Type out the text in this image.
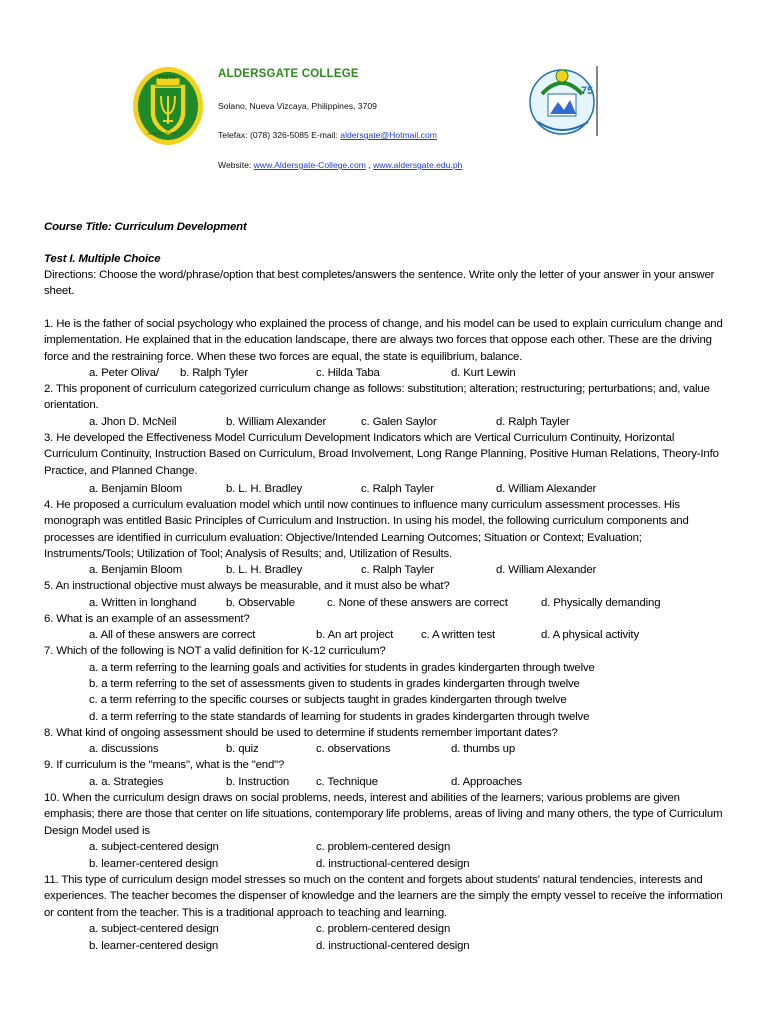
TROTH
ALDERSGATE
ALDERSGATE COLLEGE
Solano, Nueva Vizcaya, Philippines, 3709
Telefax: (078) 326-5085 E-mail: aldersgate@Hotmail.com
Website: www.Aldersgate-College.com , www.aldersgate.edu.ph
75
Course Title: Curriculum Development
Test I. Multiple Choice
Directions: Choose the word/phrase/option that best completes/answers the sentence. Write only the letter of your answer in your answer sheet.
1. He is the father of social psychology who explained the process of change, and his model can be used to explain curriculum change and implementation. He explained that in the education landscape, there are always two forces that oppose each other. These are the driving force and the restraining force. When these two forces are equal, the state is equilibrium, balance.
a. Peter Oliva/ b. Ralph Tyler	c. Hilda Taba	d. Kurt Lewin
2. This proponent of curriculum categorized curriculum change as follows: substitution; alteration; restructuring; perturbations; and, value orientation.
a. Jhon D. McNeil	b. William Alexander	c. Galen Saylor	d. Ralph Tayler
3. He developed the Effectiveness Model Curriculum Development Indicators which are Vertical Curriculum Continuity, Horizontal Curriculum Continuity, Instruction Based on Curriculum, Broad Involvement, Long Range Planning, Positive Human Relations, Theory-Info Practice, and Planned Change.
a. Benjamin Bloom	b. L. H. Bradley	c. Ralph Tayler	d. William Alexander
4. He proposed a curriculum evaluation model which until now continues to influence many curriculum assessment processes. His monograph was entitled Basic Principles of Curriculum and Instruction. In using his model, the following curriculum components and processes are identified in curriculum evaluation: Objective/Intended Learning Outcomes; Situation or Context; Evaluation; Instruments/Tools; Utilization of Tool; Analysis of Results; and, Utilization of Results.
a. Benjamin Bloom	b. L. H. Bradley	c. Ralph Tayler	d. William Alexander
5. An instructional objective must always be measurable, and it must also be what?
a. Written in longhand	b. Observable	c. None of these answers are correct	d. Physically demanding
6. What is an example of an assessment?
a. All of these answers are correct	b. An art project c. A written test	d. A physical activity
7. Which of the following is NOT a valid definition for K-12 curriculum?
a. a term referring to the learning goals and activities for students in grades kindergarten through twelve
b. a term referring to the set of assessments given to students in grades kindergarten through twelve
c. a term referring to the specific courses or subjects taught in grades kindergarten through twelve
d. a term referring to the state standards of learning for students in grades kindergarten through twelve
8. What kind of ongoing assessment should be used to determine if students remember important dates?
a. discussions	b. quiz	c. observations	d. thumbs up
9. If curriculum is the "means", what is the "end"?
a. a. Strategies	b. Instruction c. Technique	d. Approaches
10. When the curriculum design draws on social problems, needs, interest and abilities of the learners; various problems are given emphasis; there are those that center on life situations, contemporary life problems, areas of living and many others, the type of Curriculum Design Model used is
a. subject-centered design	c. problem-centered design
b. learner-centered design	d. instructional-centered design
11. This type of curriculum design model stresses so much on the content and forgets about students' natural tendencies, interests and experiences. The teacher becomes the dispenser of knowledge and the learners are the simply the empty vessel to receive the information or content from the teacher. This is a traditional approach to teaching and learning.
a. subject-centered design	c. problem-centered design
b. learner-centered design	d. instructional-centered design
